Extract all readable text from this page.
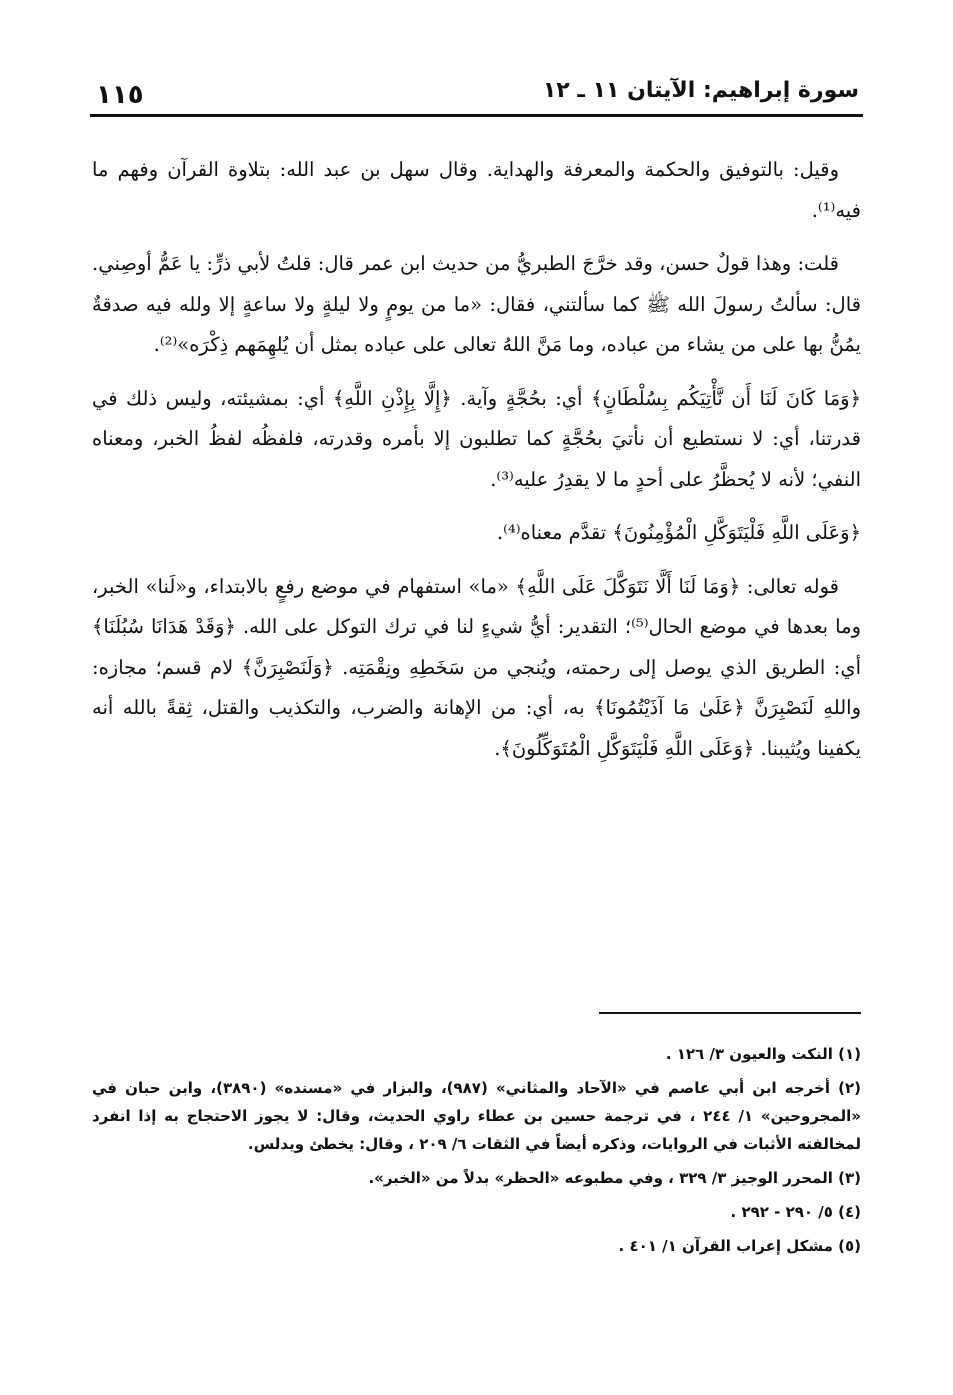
١١٥	سورة إبراهيم: الآيتان ١١ ـ ١٢

وقيل: بالتوفيق والحكمة والمعرفة والهداية. وقال سهل بن عبد الله: بتلاوة القرآن وفهم ما فيه⁽¹⁾.

قلت: وهذا قولٌ حسن، وقد خرَّجَ الطبريُّ من حديث ابن عمر قال: قلتُ لأبي ذرٍّ: يا عَمُّ أوصِني. قال: سألتُ رسولَ الله ﷺ كما سألتني، فقال: «ما من يومٍ ولا ليلةٍ ولا ساعةٍ إلا ولله فيه صدقةٌ يمُنُّ بها على من يشاء من عباده، وما مَنَّ اللهُ تعالى على عباده بمثل أن يُلهِمَهم ذِكْرَه»⁽²⁾.

﴿وَمَا كَانَ لَنَا أَن نَّأْتِيَكُم بِسُلْطَانٍ﴾ أي: بحُجَّةٍ وآية. ﴿إِلَّا بِإِذْنِ اللَّهِ﴾ أي: بمشيئته، وليس ذلك في قدرتنا، أي: لا نستطيع أن نأتيَ بحُجَّةٍ كما تطلبون إلا بأمره وقدرته، فلفظُه لفظُ الخبر، ومعناه النفي؛ لأنه لا يُحظَّرُ على أحدٍ ما لا يقدِرُ عليه⁽³⁾.

﴿وَعَلَى اللَّهِ فَلْيَتَوَكَّلِ الْمُؤْمِنُونَ﴾ تقدَّم معناه⁽⁴⁾.

قوله تعالى: ﴿وَمَا لَنَا أَلَّا نَتَوَكَّلَ عَلَى اللَّهِ﴾ «ما» استفهام في موضع رفعٍ بالابتداء، و«لَنا» الخبر، وما بعدها في موضع الحال⁽⁵⁾؛ التقدير: أيُّ شيءٍ لنا في ترك التوكل على الله. ﴿وَقَدْ هَدَانَا سُبُلَنَا﴾ أي: الطريق الذي يوصل إلى رحمته، ويُنجي من سَخَطِهِ ونِقْمَتِه. ﴿وَلَنَصْبِرَنَّ﴾ لام قسم؛ مجازه: واللهِ لَنَصْبِرَنَّ ﴿عَلَىٰ مَا آذَيْتُمُونَا﴾ به، أي: من الإهانة والضرب، والتكذيب والقتل، ثِقةً بالله أنه يكفينا ويُثيبنا. ﴿وَعَلَى اللَّهِ فَلْيَتَوَكَّلِ الْمُتَوَكِّلُونَ﴾.

(١) النكت والعيون ٣/ ١٢٦ .

(٢) أخرجه ابن أبي عاصم في «الآحاد والمثاني» (٩٨٧)، والبزار في «مسنده» (٣٨٩٠)، وابن حبان في «المجروحين» ١/ ٢٤٤ ، في ترجمة حسين بن عطاء راوي الحديث، وقال: لا يجوز الاحتجاج به إذا انفرد لمخالفته الأثبات في الروايات، وذكره أيضاً في الثقات ٦/ ٢٠٩ ، وقال: يخطئ ويدلس.

(٣) المحرر الوجيز ٣/ ٣٢٩ ، وفي مطبوعه «الحظر» بدلاً من «الخبر».

(٤) ٥/ ٢٩٠ - ٢٩٢ .

(٥) مشكل إعراب القرآن ١/ ٤٠١ .
